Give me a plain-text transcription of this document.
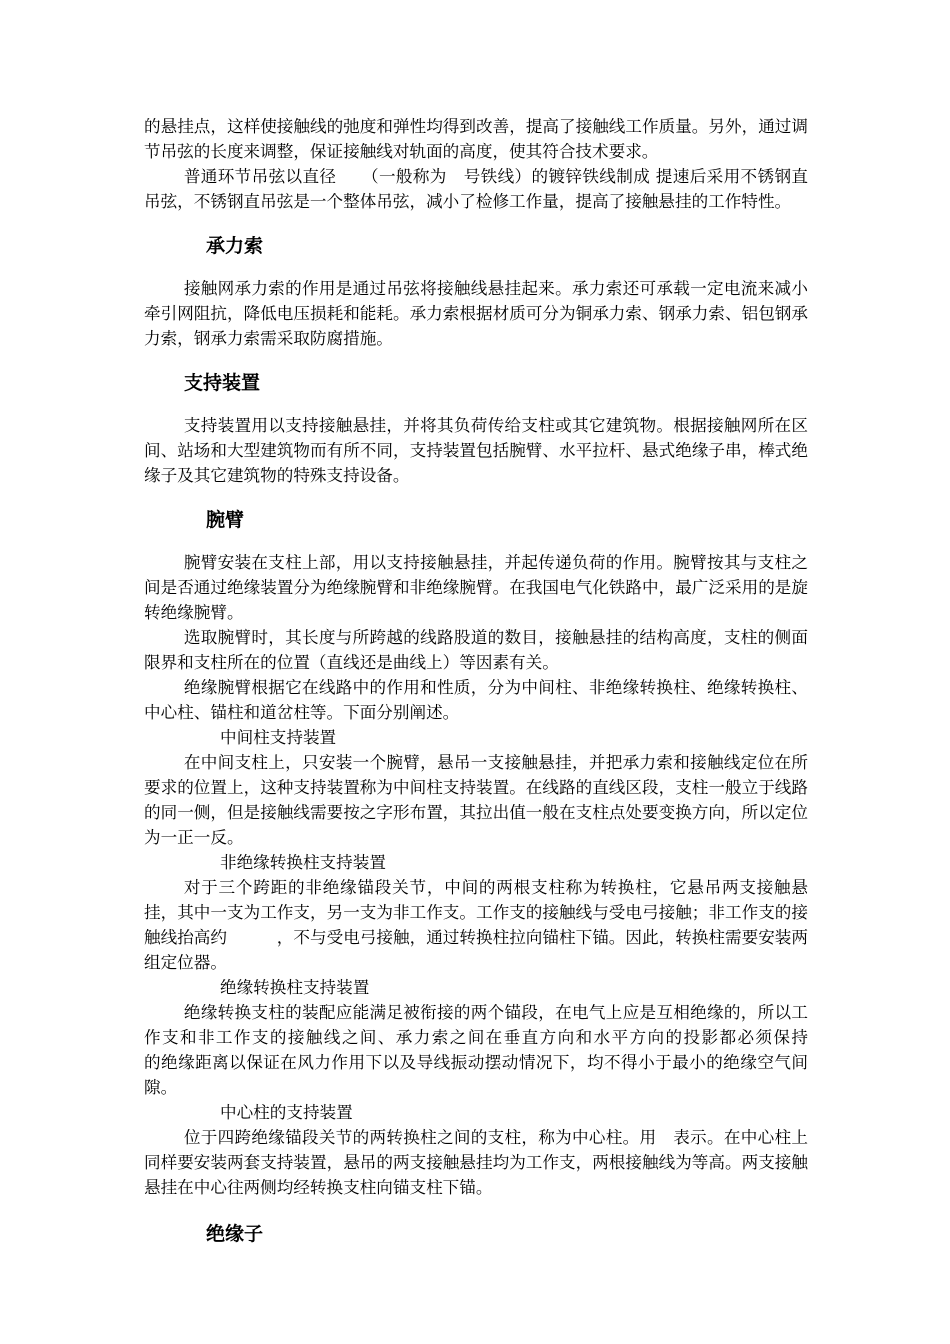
的悬挂点，这样使接触线的弛度和弹性均得到改善，提高了接触线工作质量。另外，通过调节吊弦的长度来调整，保证接触线对轨面的高度，使其符合技术要求。

普通环节吊弦以直径　　（一般称为　号铁线）的镀锌铁线制成 提速后采用不锈钢直吊弦，不锈钢直吊弦是一个整体吊弦，减小了检修工作量，提高了接触悬挂的工作特性。

承力索

接触网承力索的作用是通过吊弦将接触线悬挂起来。承力索还可承载一定电流来减小牵引网阻抗，降低电压损耗和能耗。承力索根据材质可分为铜承力索、钢承力索、铝包钢承力索，钢承力索需采取防腐措施。

支持装置

支持装置用以支持接触悬挂，并将其负荷传给支柱或其它建筑物。根据接触网所在区间、站场和大型建筑物而有所不同，支持装置包括腕臂、水平拉杆、悬式绝缘子串，棒式绝缘子及其它建筑物的特殊支持设备。

腕臂

腕臂安装在支柱上部，用以支持接触悬挂，并起传递负荷的作用。腕臂按其与支柱之间是否通过绝缘装置分为绝缘腕臂和非绝缘腕臂。在我国电气化铁路中，最广泛采用的是旋转绝缘腕臂。

选取腕臂时，其长度与所跨越的线路股道的数目，接触悬挂的结构高度，支柱的侧面限界和支柱所在的位置（直线还是曲线上）等因素有关。

绝缘腕臂根据它在线路中的作用和性质，分为中间柱、非绝缘转换柱、绝缘转换柱、中心柱、锚柱和道岔柱等。下面分别阐述。

中间柱支持装置

在中间支柱上，只安装一个腕臂，悬吊一支接触悬挂，并把承力索和接触线定位在所要求的位置上，这种支持装置称为中间柱支持装置。在线路的直线区段，支柱一般立于线路的同一侧，但是接触线需要按之字形布置，其拉出值一般在支柱点处要变换方向，所以定位为一正一反。

非绝缘转换柱支持装置

对于三个跨距的非绝缘锚段关节，中间的两根支柱称为转换柱，它悬吊两支接触悬挂，其中一支为工作支，另一支为非工作支。工作支的接触线与受电弓接触；非工作支的接触线抬高约　　　，不与受电弓接触，通过转换柱拉向锚柱下锚。因此，转换柱需要安装两组定位器。

绝缘转换柱支持装置

绝缘转换支柱的装配应能满足被衔接的两个锚段，在电气上应是互相绝缘的，所以工作支和非工作支的接触线之间、承力索之间在垂直方向和水平方向的投影都必须保持　　　的绝缘距离以保证在风力作用下以及导线振动摆动情况下，均不得小于最小的绝缘空气间隙。

中心柱的支持装置

位于四跨绝缘锚段关节的两转换柱之间的支柱，称为中心柱。用　表示。在中心柱上同样要安装两套支持装置，悬吊的两支接触悬挂均为工作支，两根接触线为等高。两支接触悬挂在中心往两侧均经转换支柱向锚支柱下锚。

绝缘子
